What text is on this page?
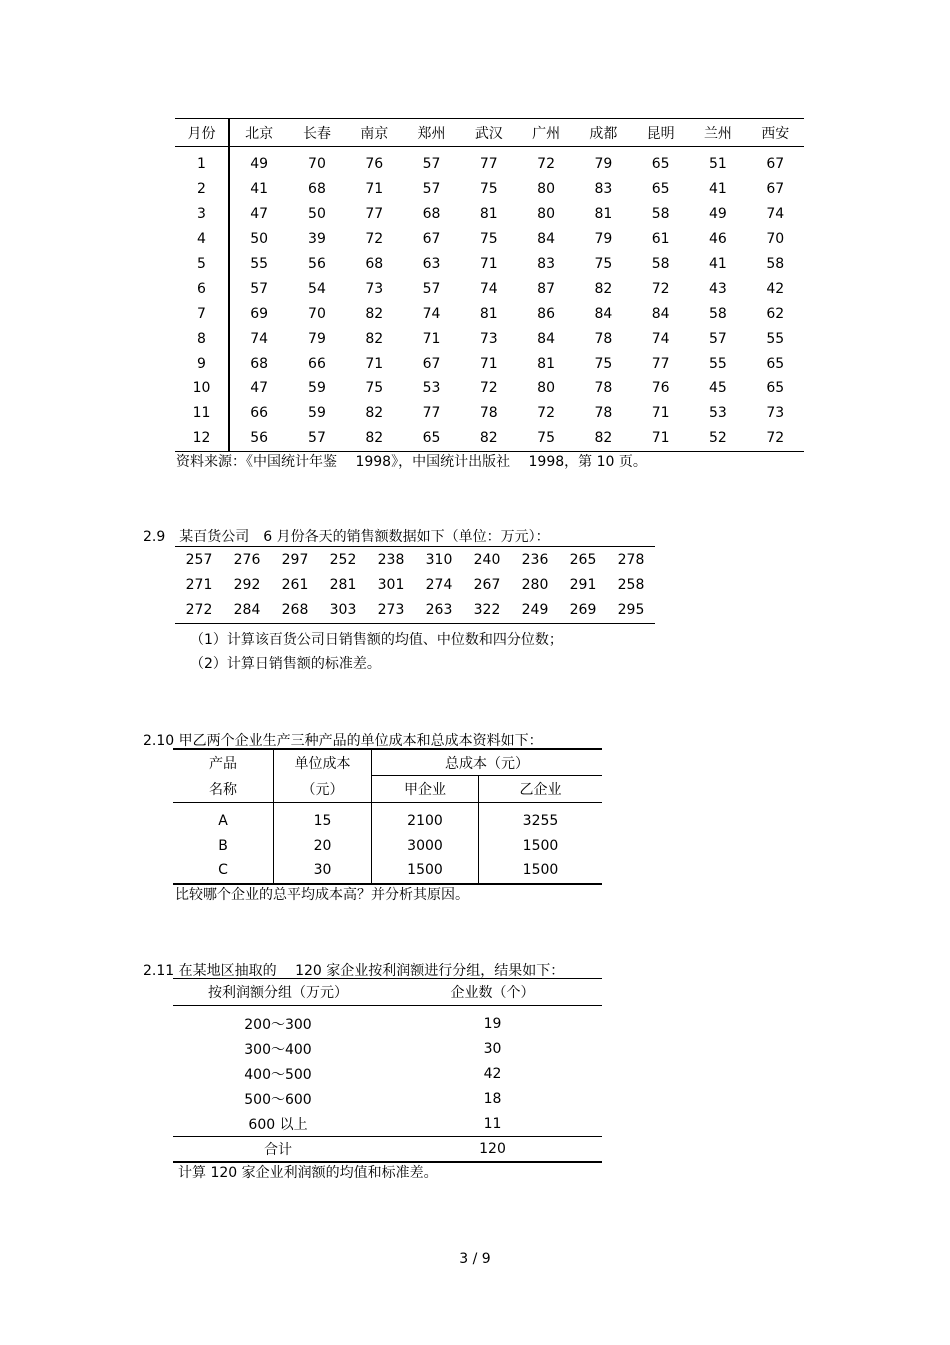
月份	北京	长春	南京	郑州	武汉	广州	成都	昆明	兰州	西安
1	49	70	76	57	77	72	79	65	51	67
2	41	68	71	57	75	80	83	65	41	67
3	47	50	77	68	81	80	81	58	49	74
4	50	39	72	67	75	84	79	61	46	70
5	55	56	68	63	71	83	75	58	41	58
6	57	54	73	57	74	87	82	72	43	42
7	69	70	82	74	81	86	84	84	58	62
8	74	79	82	71	73	84	78	74	57	55
9	68	66	71	67	71	81	75	77	55	65
10	47	59	75	53	72	80	78	76	45	65
11	66	59	82	77	78	72	78	71	53	73
12	56	57	82	65	82	75	82	71	52	72
资料来源：《中国统计年鉴　 1998》，中国统计出版社　 1998，第 10 页。
2.9　某百货公司　6 月份各天的销售额数据如下（单位：万元）：
257	276	297	252	238	310	240	236	265	278
271	292	261	281	301	274	267	280	291	258
272	284	268	303	273	263	322	249	269	295
（1）计算该百货公司日销售额的均值、中位数和四分位数；
（2）计算日销售额的标准差。
2.10 甲乙两个企业生产三种产品的单位成本和总成本资料如下：
产品	单位成本	总成本（元）	
名称	（元）	甲企业	乙企业
A	15	2100	3255
B	20	3000	1500
C	30	1500	1500
比较哪个企业的总平均成本高？并分析其原因。
2.11 在某地区抽取的　 120 家企业按利润额进行分组，结果如下：
按利润额分组（万元）	企业数（个）
200～300	19
300～400	30
400～500	42
500～600	18
600 以上	11
合计	120
计算 120 家企业利润额的均值和标准差。
3 / 9
